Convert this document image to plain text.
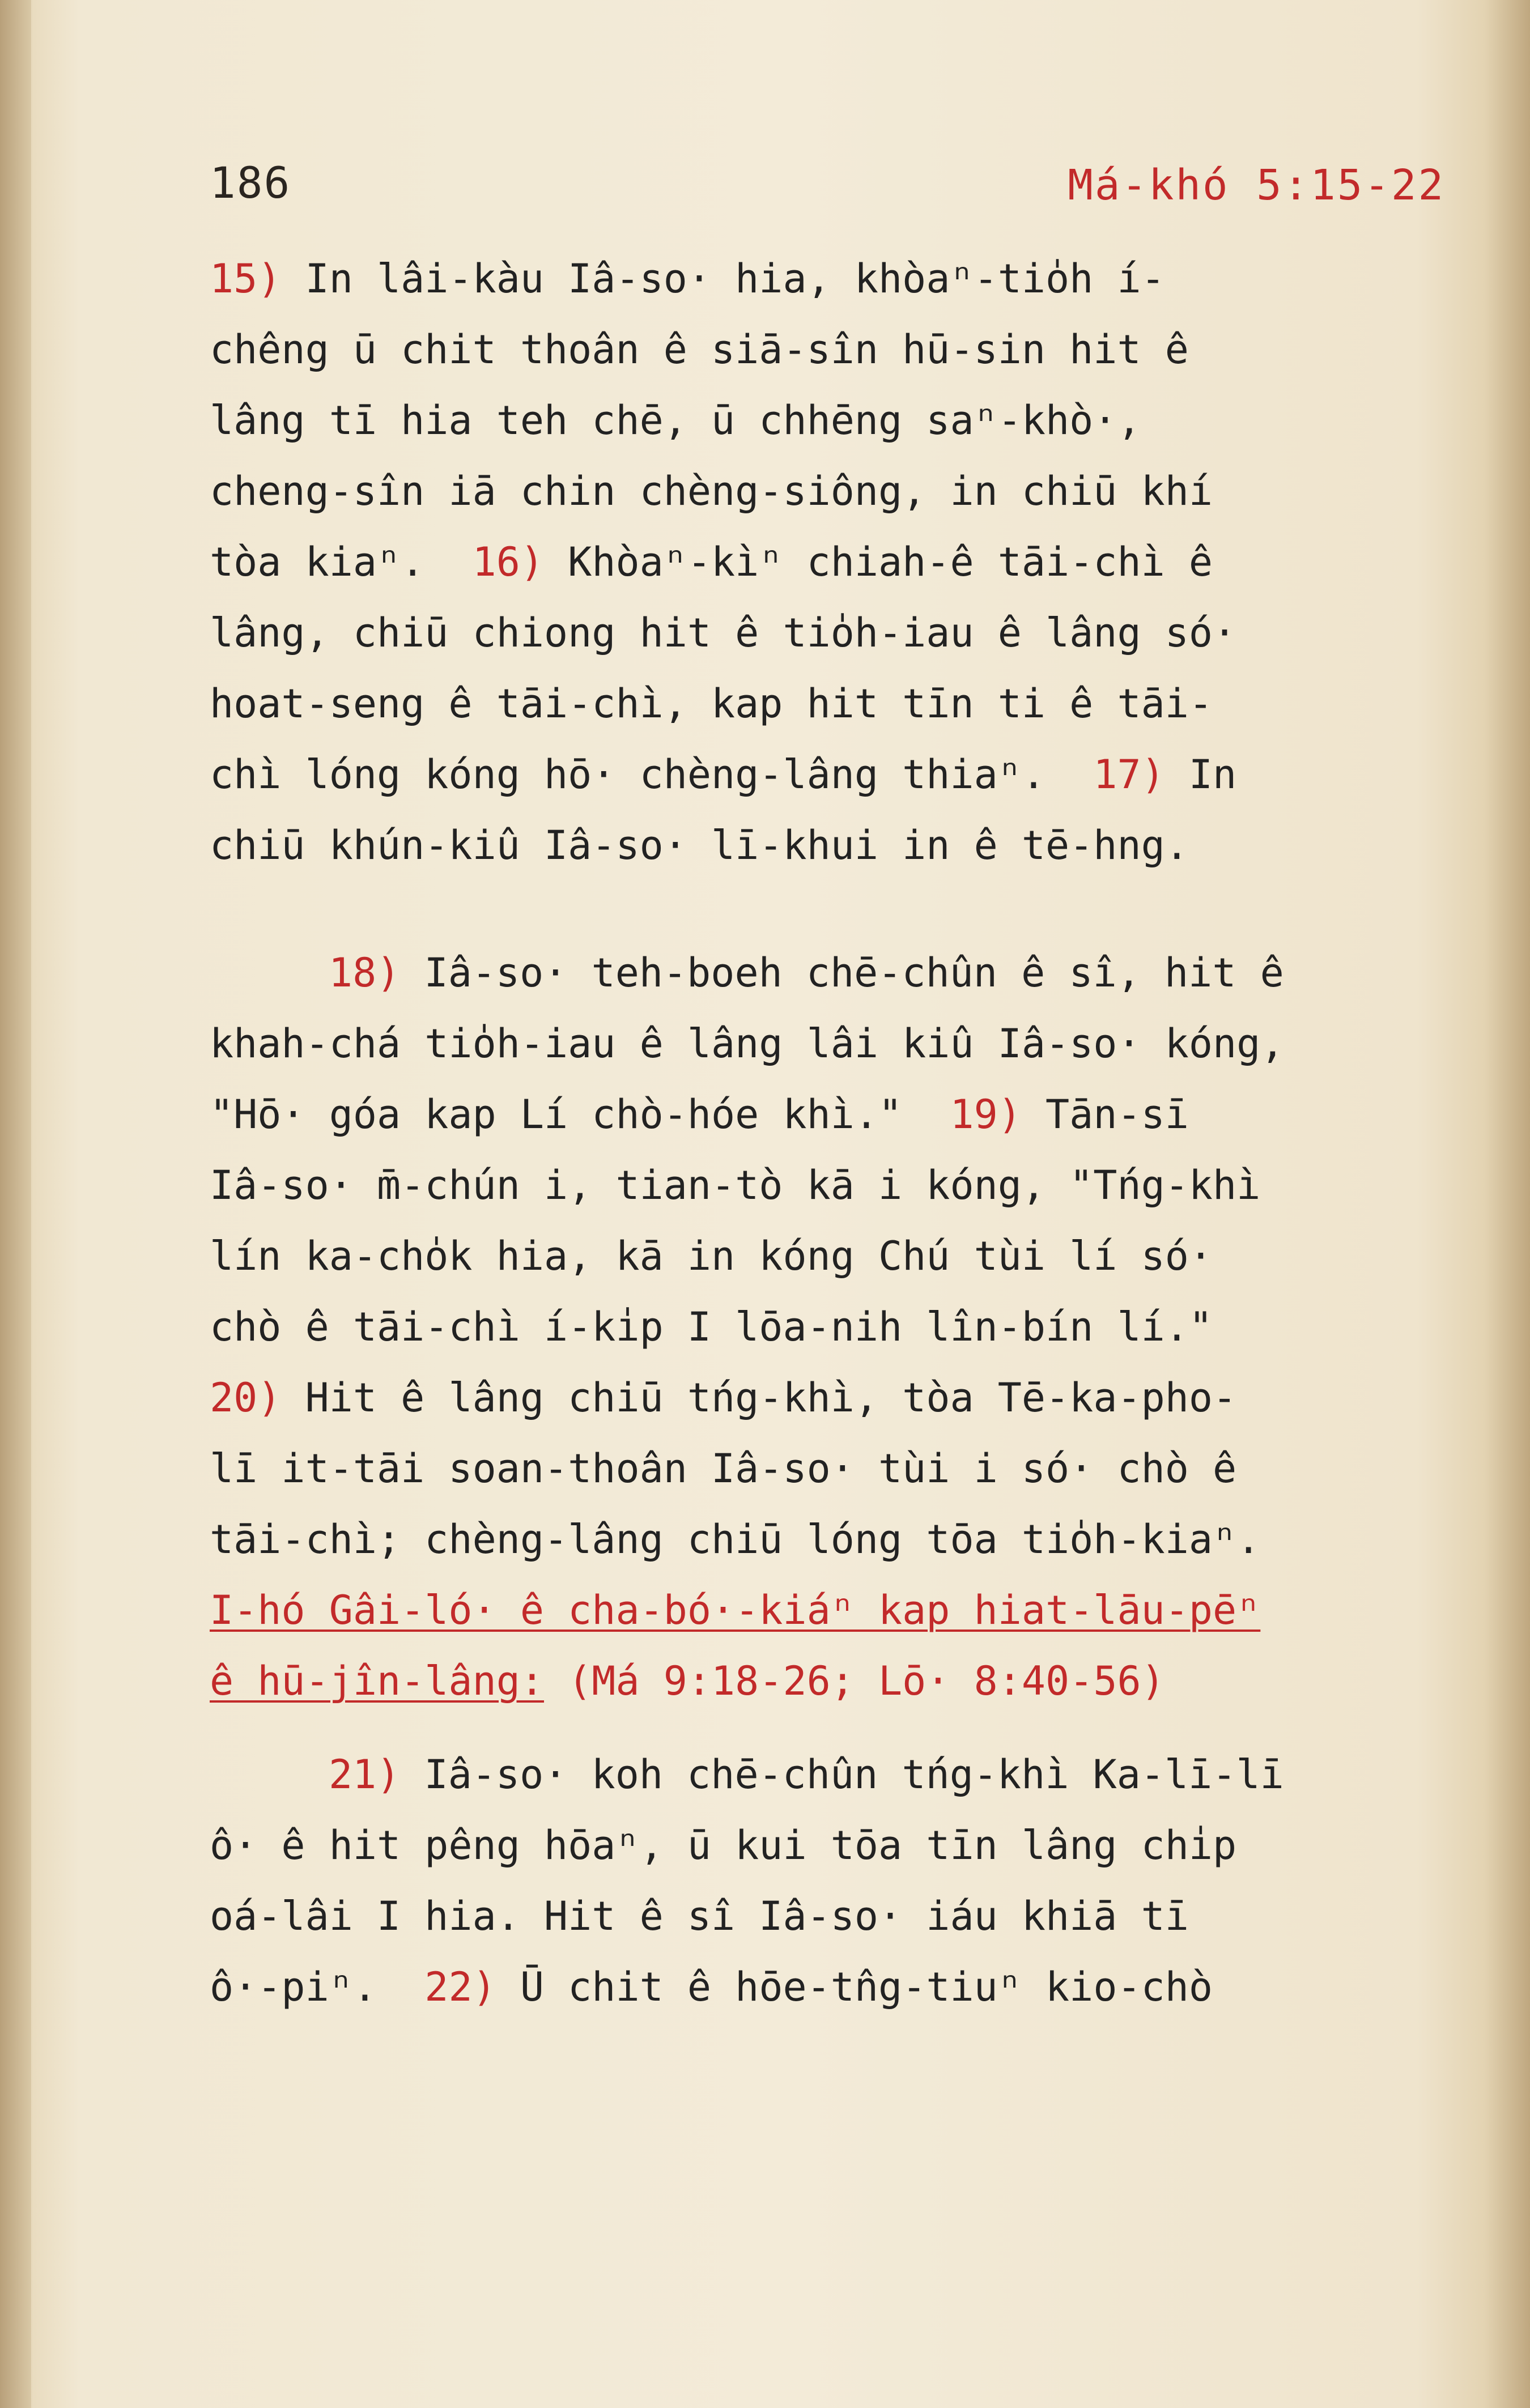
186	Má-khó 5:15-22

15) In lâi-kàu Iâ-so· hia, khòaⁿ-tio̍h í-

chêng ū chit thoân ê siā-sîn hū-sin hit ê

lâng tī hia teh chē, ū chhēng saⁿ-khò·,

cheng-sîn iā chin chèng-siông, in chiū khí

tòa kiaⁿ.  16) Khòaⁿ-kìⁿ chiah-ê tāi-chì ê

lâng, chiū chiong hit ê tio̍h-iau ê lâng só·

hoat-seng ê tāi-chì, kap hit tīn ti ê tāi-

chì lóng kóng hō· chèng-lâng thiaⁿ.  17) In

chiū khún-kiû Iâ-so· lī-khui in ê tē-hng.

18) Iâ-so· teh-boeh chē-chûn ê sî, hit ê

khah-chá tio̍h-iau ê lâng lâi kiû Iâ-so· kóng,

"Hō· góa kap Lí chò-hóe khì."  19) Tān-sī

Iâ-so· m̄-chún i, tian-tò kā i kóng, "Tńg-khì

lín ka-cho̍k hia, kā in kóng Chú tùi lí só·

chò ê tāi-chì í-ki̍p I lōa-nih lîn-bín lí."

20) Hit ê lâng chiū tńg-khì, tòa Tē-ka-pho-

lī it-tāi soan-thoân Iâ-so· tùi i só· chò ê

tāi-chì; chèng-lâng chiū lóng tōa tio̍h-kiaⁿ.

I-hó Gâi-ló· ê cha-bó·-kiáⁿ kap hiat-lāu-pēⁿ

ê hū-jîn-lâng: (Má 9:18-26; Lō· 8:40-56)

21) Iâ-so· koh chē-chûn tńg-khì Ka-lī-lī

ô· ê hit pêng hōaⁿ, ū kui tōa tīn lâng chi̍p

oá-lâi I hia. Hit ê sî Iâ-so· iáu khiā tī

ô·-piⁿ.  22) Ū chit ê hōe-tn̂g-tiuⁿ kio-chò
